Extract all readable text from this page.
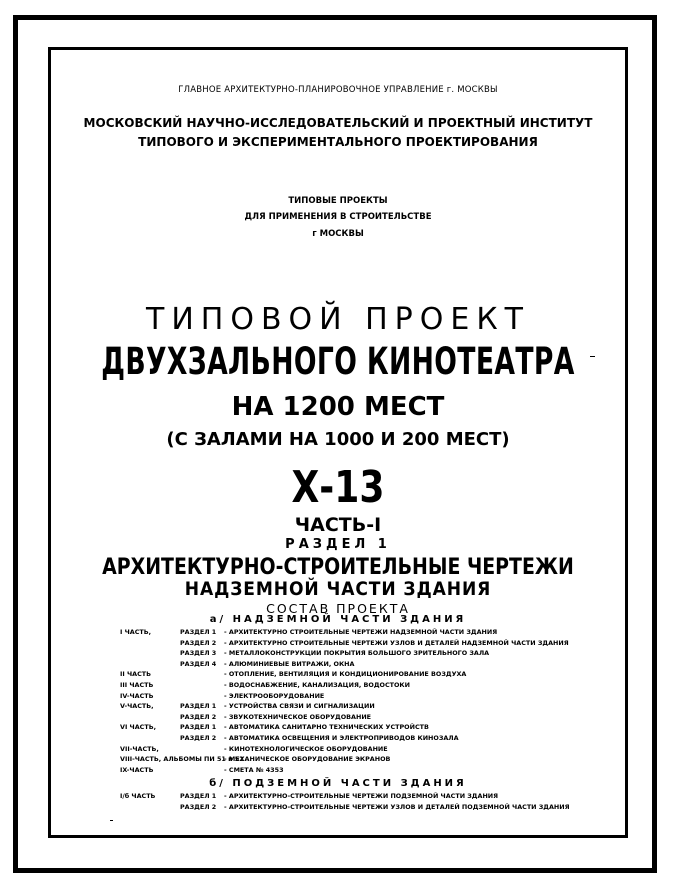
ГЛАВНОЕ АРХИТЕКТУРНО-ПЛАНИРОВОЧНОЕ УПРАВЛЕНИЕ г. МОСКВЫ
МОСКОВСКИЙ НАУЧНО-ИССЛЕДОВАТЕЛЬСКИЙ И ПРОЕКТНЫЙ ИНСТИТУТ
ТИПОВОГО И ЭКСПЕРИМЕНТАЛЬНОГО ПРОЕКТИРОВАНИЯ
ТИПОВЫЕ ПРОЕКТЫ
ДЛЯ ПРИМЕНЕНИЯ В СТРОИТЕЛЬСТВЕ
г МОСКВЫ
ТИПОВОЙ ПРОЕКТ
ДВУХЗАЛЬНОГО КИНОТЕАТРА
НА 1200 МЕСТ
(С ЗАЛАМИ НА 1000 И 200 МЕСТ)
Х-13
ЧАСТЬ-I
РАЗДЕЛ 1
АРХИТЕКТУРНО-СТРОИТЕЛЬНЫЕ ЧЕРТЕЖИ
НАДЗЕМНОЙ ЧАСТИ ЗДАНИЯ
СОСТАВ ПРОЕКТА
а/ НАДЗЕМНОЙ ЧАСТИ ЗДАНИЯ
I ЧАСТЬ,	РАЗДЕЛ 1 - АРХИТЕКТУРНО СТРОИТЕЛЬНЫЕ ЧЕРТЕЖИ НАДЗЕМНОЙ ЧАСТИ ЗДАНИЯ
РАЗДЕЛ 2 - АРХИТЕКТУРНО СТРОИТЕЛЬНЫЕ ЧЕРТЕЖИ УЗЛОВ И ДЕТАЛЕЙ НАДЗЕМНОЙ ЧАСТИ ЗДАНИЯ
РАЗДЕЛ 3 - МЕТАЛЛОКОНСТРУКЦИИ ПОКРЫТИЯ БОЛЬШОГО ЗРИТЕЛЬНОГО ЗАЛА
РАЗДЕЛ 4 - АЛЮМИНИЕВЫЕ ВИТРАЖИ, ОКНА
II ЧАСТЬ	- ОТОПЛЕНИЕ, ВЕНТИЛЯЦИЯ И КОНДИЦИОНИРОВАНИЕ ВОЗДУХА
III ЧАСТЬ	- ВОДОСНАБЖЕНИЕ, КАНАЛИЗАЦИЯ, ВОДОСТОКИ
IV-ЧАСТЬ	- ЭЛЕКТРООБОРУДОВАНИЕ
V-ЧАСТЬ,	РАЗДЕЛ 1 - УСТРОЙСТВА СВЯЗИ И СИГНАЛИЗАЦИИ
РАЗДЕЛ 2 - ЗВУКОТЕХНИЧЕСКОЕ ОБОРУДОВАНИЕ
VI ЧАСТЬ,	РАЗДЕЛ 1 - АВТОМАТИКА САНИТАРНО ТЕХНИЧЕСКИХ УСТРОЙСТВ
РАЗДЕЛ 2 - АВТОМАТИКА ОСВЕЩЕНИЯ И ЭЛЕКТРОПРИВОДОВ КИНОЗАЛА
VII-ЧАСТЬ,	- КИНОТЕХНОЛОГИЧЕСКОЕ ОБОРУДОВАНИЕ
VIII-ЧАСТЬ, АЛЬБОМЫ ПИ 51 и 52- МЕХАНИЧЕСКОЕ ОБОРУДОВАНИЕ ЭКРАНОВ
IX-ЧАСТЬ	- СМЕТА № 4353
б/ ПОДЗЕМНОЙ ЧАСТИ ЗДАНИЯ
I/б ЧАСТЬ	РАЗДЕЛ 1 - АРХИТЕКТУРНО-СТРОИТЕЛЬНЫЕ ЧЕРТЕЖИ ПОДЗЕМНОЙ ЧАСТИ ЗДАНИЯ
РАЗДЕЛ 2 - АРХИТЕКТУРНО-СТРОИТЕЛЬНЫЕ ЧЕРТЕЖИ УЗЛОВ И ДЕТАЛЕЙ ПОДЗЕМНОЙ ЧАСТИ ЗДАНИЯ
